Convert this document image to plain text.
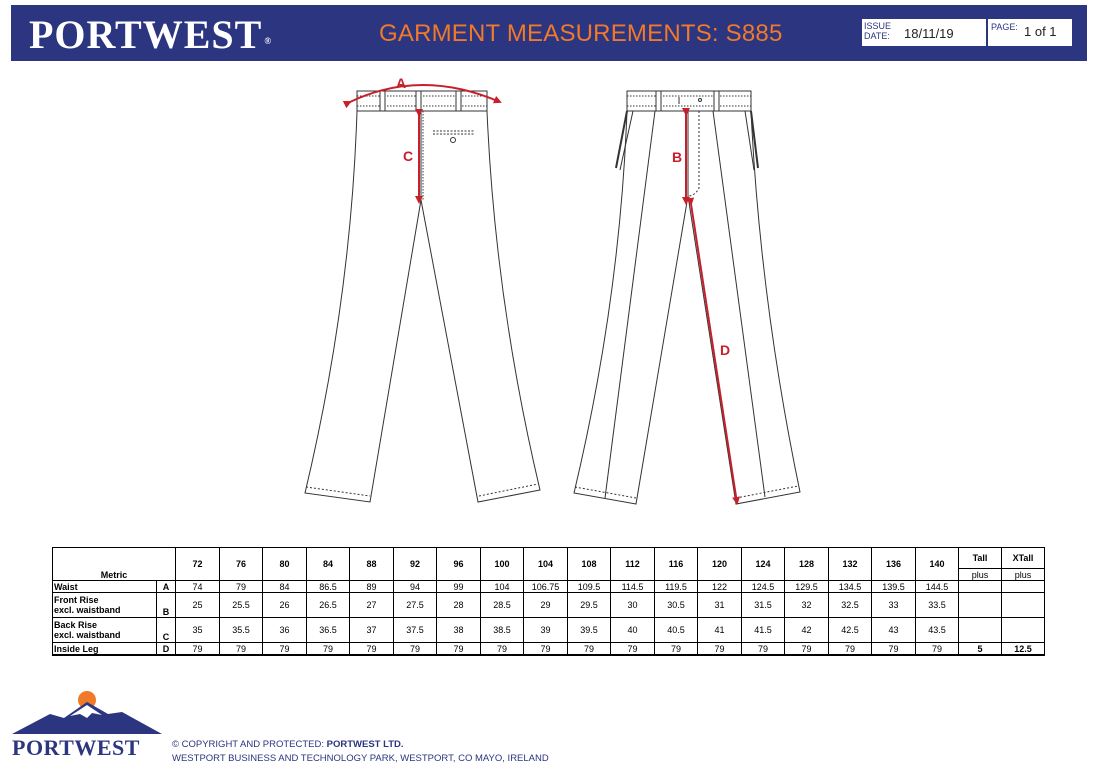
PORTWEST ®	GARMENT MEASUREMENTS: S885	ISSUE DATE:	18/11/19	PAGE: 1 of 1
A
C	B
D
Metric		72	76	80	84	88	92	96	100	104	108	112	116	120	124	128	132	136	140	Tall	XTall
																				plus	plus

Waist	A	74	79	84	86.5	89	94	99	104	106.75	109.5	114.5	119.5	122	124.5	129.5	134.5	139.5	144.5		

Front Rise
excl. waistband	B	25	25.5	26	26.5	27	27.5	28	28.5	29	29.5	30	30.5	31	31.5	32	32.5	33	33.5		

Back Rise
excl. waistband	C	35	35.5	36	36.5	37	37.5	38	38.5	39	39.5	40	40.5	41	41.5	42	42.5	43	43.5		

Inside Leg	D	79	79	79	79	79	79	79	79	79	79	79	79	79	79	79	79	79	79	5	12.5
PORTWEST	© COPYRIGHT AND PROTECTED: PORTWEST LTD.
WESTPORT BUSINESS AND TECHNOLOGY PARK, WESTPORT, CO MAYO, IRELAND
